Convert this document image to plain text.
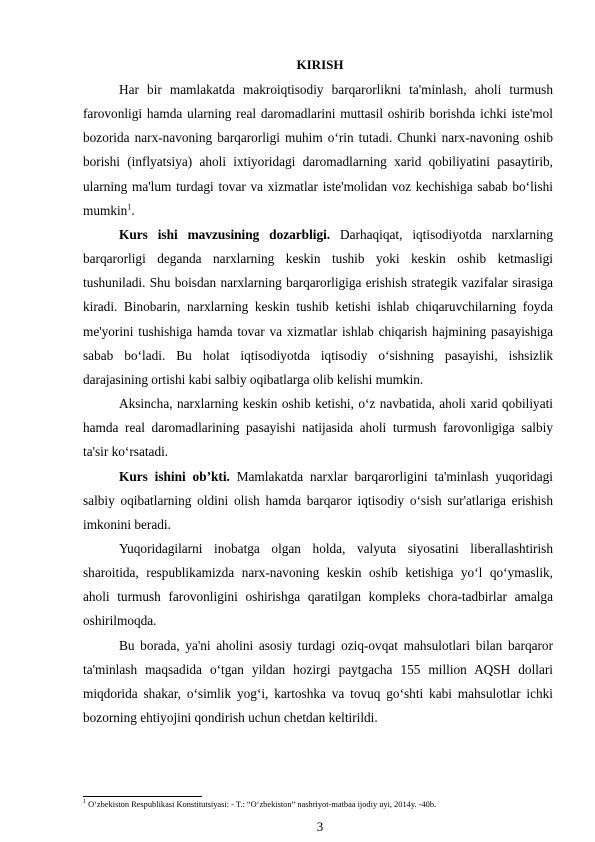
KIRISH

Har bir mamlakatda makroiqtisodiy barqarorlikni ta'minlash, aholi turmush farovonligi hamda ularning real daromadlarini muttasil oshirib borishda ichki iste'mol bozorida narx-navoning barqarorligi muhim o‘rin tutadi. Chunki narx-navoning oshib borishi (inflyatsiya) aholi ixtiyoridagi daromadlarning xarid qobiliyatini pasaytirib, ularning ma'lum turdagi tovar va xizmatlar iste'molidan voz kechishiga sabab bo‘lishi mumkin$^1$.

Kurs ishi mavzusining dozarbligi. Darhaqiqat, iqtisodiyotda narxlarning barqarorligi deganda narxlarning keskin tushib yoki keskin oshib ketmasligi tushuniladi. Shu boisdan narxlarning barqarorligiga erishish strategik vazifalar sirasiga kiradi. Binobarin, narxlarning keskin tushib ketishi ishlab chiqaruvchilarning foyda me'yorini tushishiga hamda tovar va xizmatlar ishlab chiqarish hajmining pasayishiga sabab bo‘ladi. Bu holat iqtisodiyotda iqtisodiy o‘sishning pasayishi, ishsizlik darajasining ortishi kabi salbiy oqibatlarga olib kelishi mumkin.

Aksincha, narxlarning keskin oshib ketishi, o‘z navbatida, aholi xarid qobiliyati hamda real daromadlarining pasayishi natijasida aholi turmush farovonligiga salbiy ta'sir ko‘rsatadi.

Kurs ishini ob’kti. Mamlakatda narxlar barqarorligini ta'minlash yuqoridagi salbiy oqibatlarning oldini olish hamda barqaror iqtisodiy o‘sish sur'atlariga erishish imkonini beradi.

Yuqoridagilarni inobatga olgan holda, valyuta siyosatini liberallashtirish sharoitida, respublikamizda narx-navoning keskin oshib ketishiga yo‘l qo‘ymaslik, aholi turmush farovonligini oshirishga qaratilgan kompleks chora-tadbirlar amalga oshirilmoqda.

Bu borada, ya'ni aholini asosiy turdagi oziq-ovqat mahsulotlari bilan barqaror ta'minlash maqsadida o‘tgan yildan hozirgi paytgacha 155 million AQSH dollari miqdorida shakar, o‘simlik yog‘i, kartoshka va tovuq go‘shti kabi mahsulotlar ichki bozorning ehtiyojini qondirish uchun chetdan keltirildi.

$^1$ O‘zbekiston Respublikasi Konstitutsiyasi: - T.: “O‘zbekiston” nashriyot-matbaa ijodiy uyi, 2014y. -40b.
3
